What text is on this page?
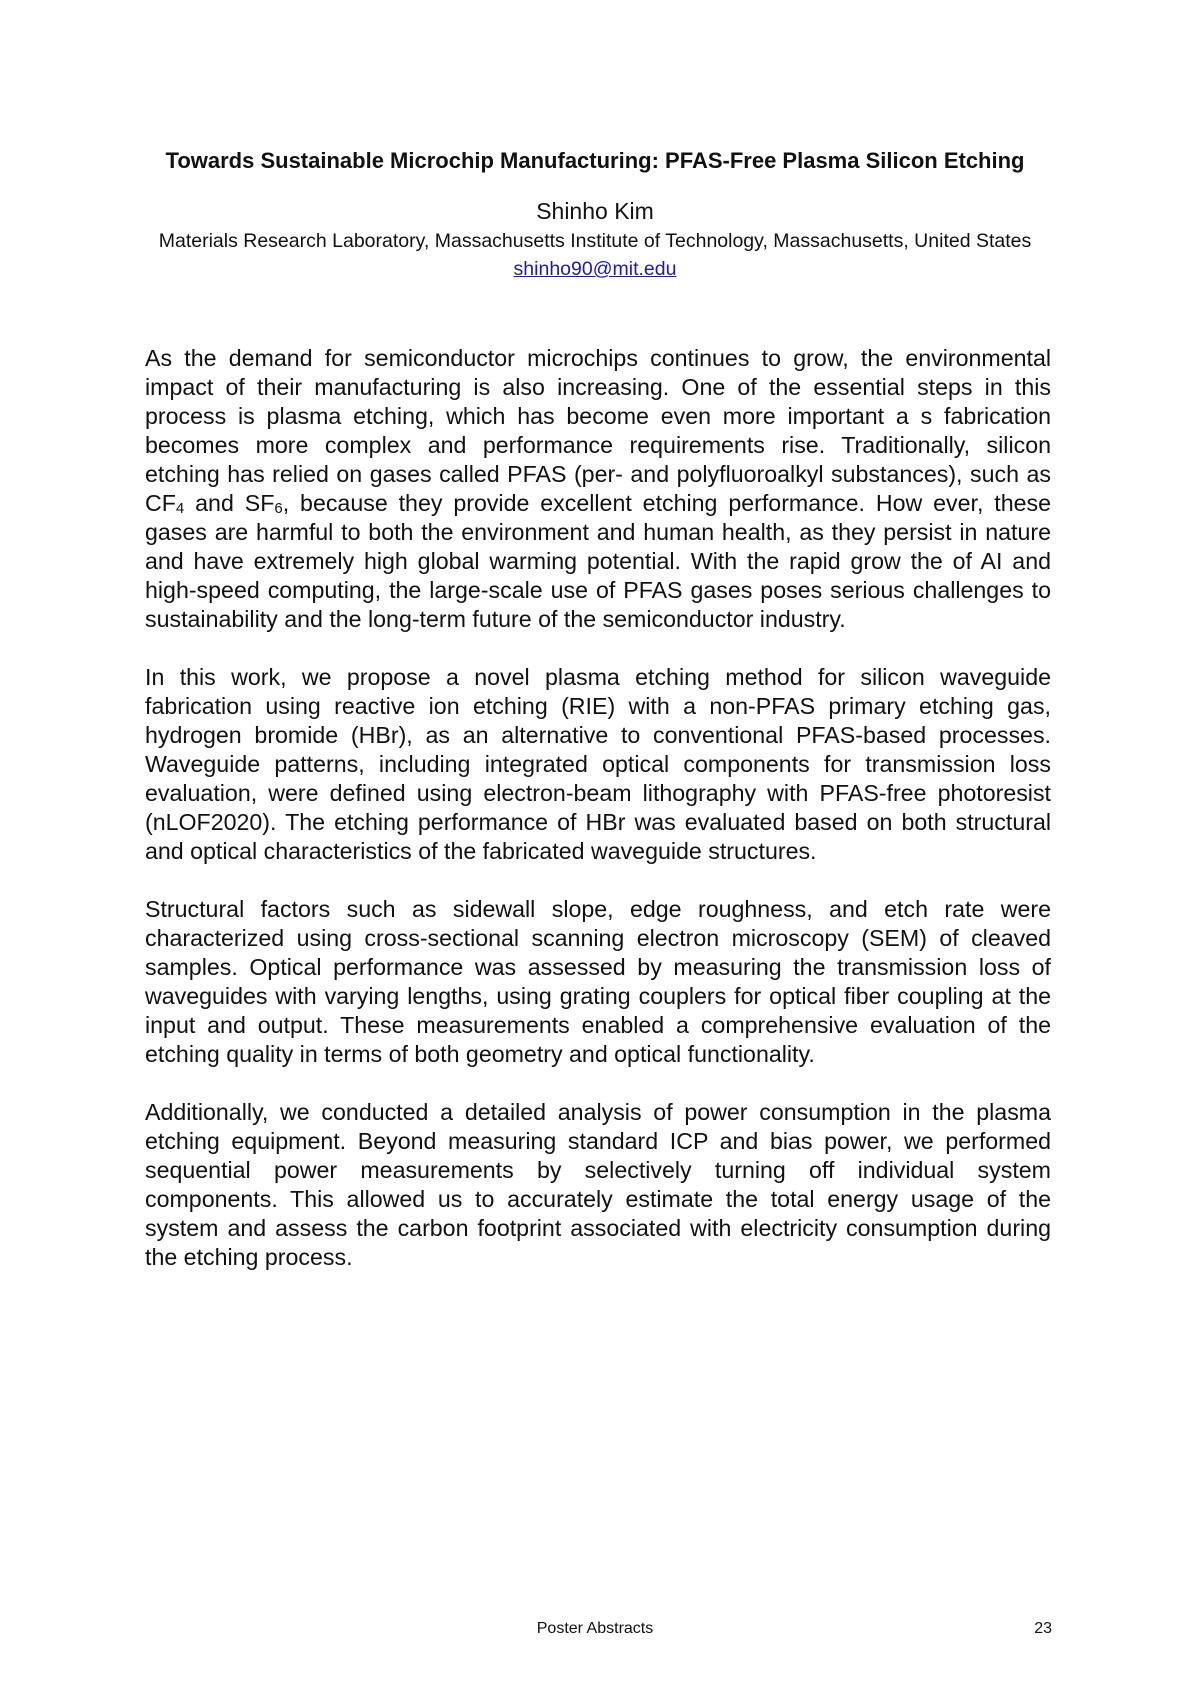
Towards Sustainable Microchip Manufacturing: PFAS-Free Plasma Silicon Etching
Shinho Kim
Materials Research Laboratory, Massachusetts Institute of Technology, Massachusetts, United States shinho90@mit.edu

As the demand for semiconductor microchips continues to grow, the environmental impact of their manufacturing is also increasing. One of the essential steps in this process is plasma etching, which has become even more important a s fabrication becomes more complex and performance requirements rise. Traditionally, silicon etching has relied on gases called PFAS (per- and polyfluoroalkyl substances), such as $CF_4$ and $SF_6$, because they provide excellent etching performance. How ever, these gases are harmful to both the environment and human health, as they persist in nature and have extremely high global warming potential. With the rapid grow the of AI and high-speed computing, the large-scale use of PFAS gases poses serious challenges to sustainability and the long-term future of the semiconductor industry.

In this work, we propose a novel plasma etching method for silicon waveguide fabrication using reactive ion etching (RIE) with a non-PFAS primary etching gas, hydrogen bromide (HBr), as an alternative to conventional PFAS-based processes. Waveguide patterns, including integrated optical components for transmission loss evaluation, were defined using electron-beam lithography with PFAS-free photoresist (nLOF2020). The etching performance of HBr was evaluated based on both structural and optical characteristics of the fabricated waveguide structures.

Structural factors such as sidewall slope, edge roughness, and etch rate were characterized using cross-sectional scanning electron microscopy (SEM) of cleaved samples. Optical performance was assessed by measuring the transmission loss of waveguides with varying lengths, using grating couplers for optical fiber coupling at the input and output. These measurements enabled a comprehensive evaluation of the etching quality in terms of both geometry and optical functionality.

Additionally, we conducted a detailed analysis of power consumption in the plasma etching equipment. Beyond measuring standard ICP and bias power, we performed sequential power measurements by selectively turning off individual system components. This allowed us to accurately estimate the total energy usage of the system and assess the carbon footprint associated with electricity consumption during the etching process.

Poster Abstracts	23
